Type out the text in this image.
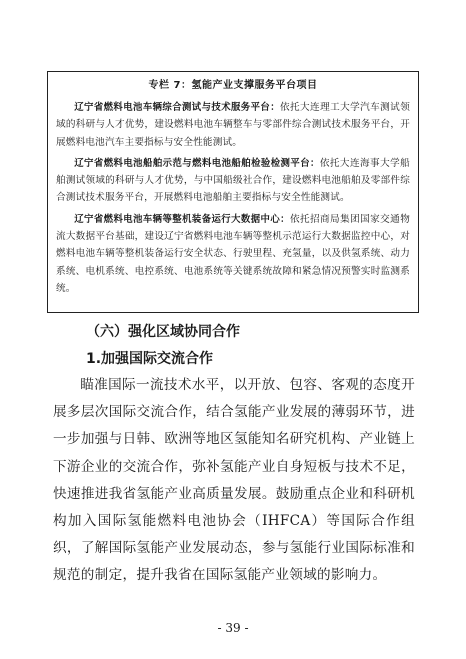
专栏 7：氢能产业支撑服务平台项目

辽宁省燃料电池车辆综合测试与技术服务平台：依托大连理工大学汽车测试领域的科研与人才优势，建设燃料电池车辆整车与零部件综合测试技术服务平台，开展燃料电池汽车主要指标与安全性能测试。

辽宁省燃料电池船舶示范与燃料电池船舶检验检测平台：依托大连海事大学船舶测试领域的科研与人才优势，与中国船级社合作，建设燃料电池船舶及零部件综合测试技术服务平台，开展燃料电池船舶主要指标与安全性能测试。

辽宁省燃料电池车辆等整机装备运行大数据中心：依托招商局集团国家交通物流大数据平台基础，建设辽宁省燃料电池车辆等整机示范运行大数据监控中心，对燃料电池车辆等整机装备运行安全状态、行驶里程、充氢量，以及供氢系统、动力系统、电机系统、电控系统、电池系统等关键系统故障和紧急情况预警实时监测系统。

（六）强化区域协同合作
1.加强国际交流合作

瞄准国际一流技术水平，以开放、包容、客观的态度开展多层次国际交流合作，结合氢能产业发展的薄弱环节，进一步加强与日韩、欧洲等地区氢能知名研究机构、产业链上下游企业的交流合作，弥补氢能产业自身短板与技术不足，快速推进我省氢能产业高质量发展。鼓励重点企业和科研机构加入国际氢能燃料电池协会（IHFCA）等国际合作组织，了解国际氢能产业发展动态，参与氢能行业国际标准和规范的制定，提升我省在国际氢能产业领域的影响力。

- 39 -
